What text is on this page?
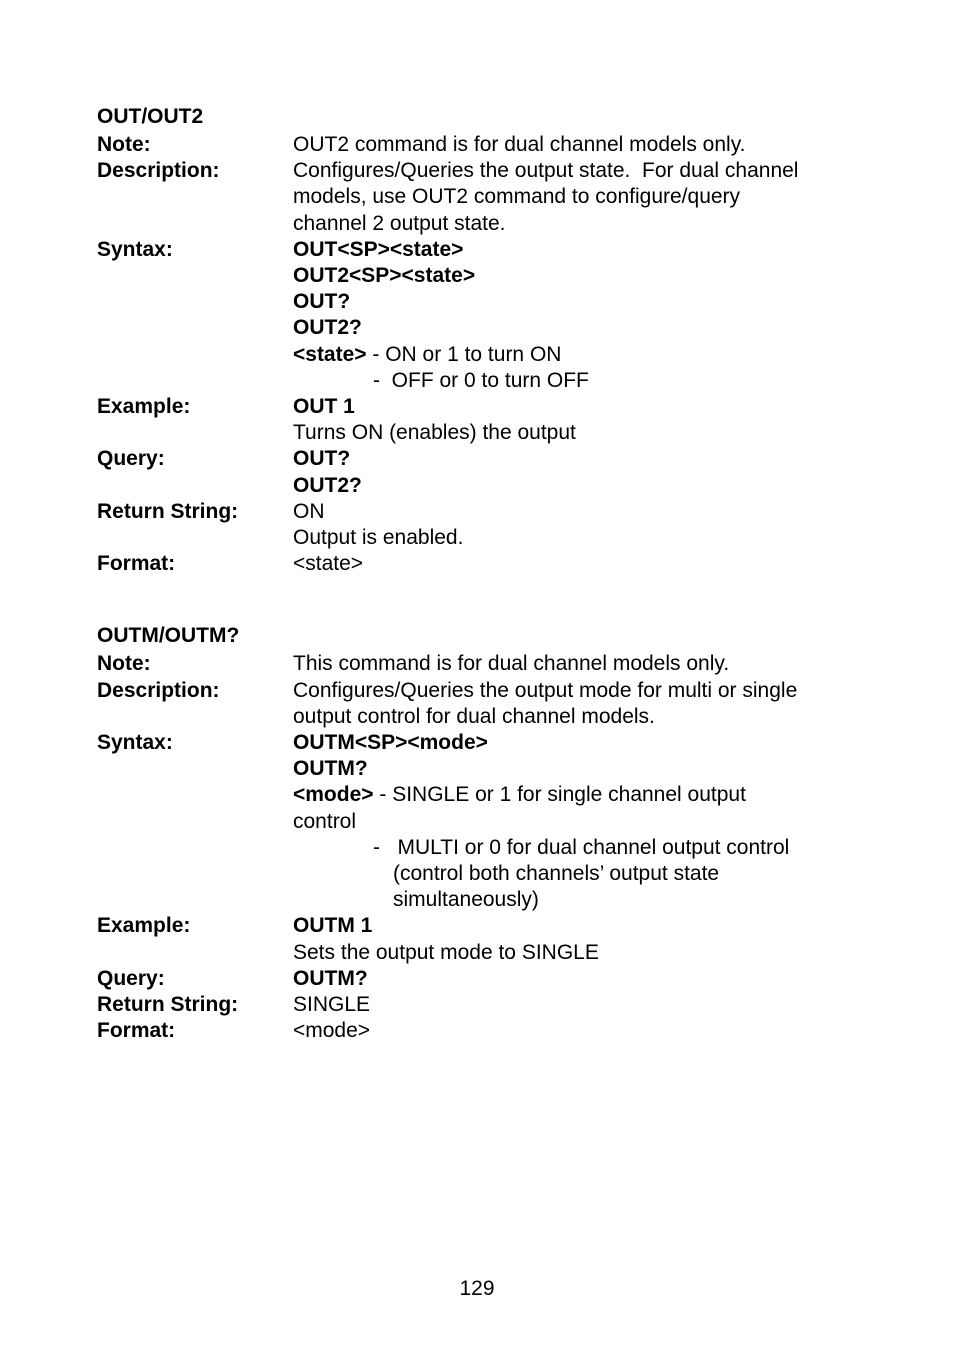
OUT/OUT2
Note:	OUT2 command is for dual channel models only.
Description:	Configures/Queries the output state.  For dual channel
models, use OUT2 command to configure/query
channel 2 output state.
Syntax:	OUT<SP><state>
OUT2<SP><state>
OUT?
OUT2?
<state> - ON or 1 to turn ON
-  OFF or 0 to turn OFF
Example:	OUT 1
Turns ON (enables) the output
Query:	OUT?
OUT2?
Return String:	ON
Output is enabled.
Format:	<state>
OUTM/OUTM?
Note:	This command is for dual channel models only.
Description:	Configures/Queries the output mode for multi or single
output control for dual channel models.
Syntax:	OUTM<SP><mode>
OUTM?
<mode> - SINGLE or 1 for single channel output
control
- MULTI or 0 for dual channel output control
(control both channels’ output state
simultaneously)
Example:	OUTM 1
Sets the output mode to SINGLE
Query:	OUTM?
Return String:	SINGLE
Format:	<mode>
129
